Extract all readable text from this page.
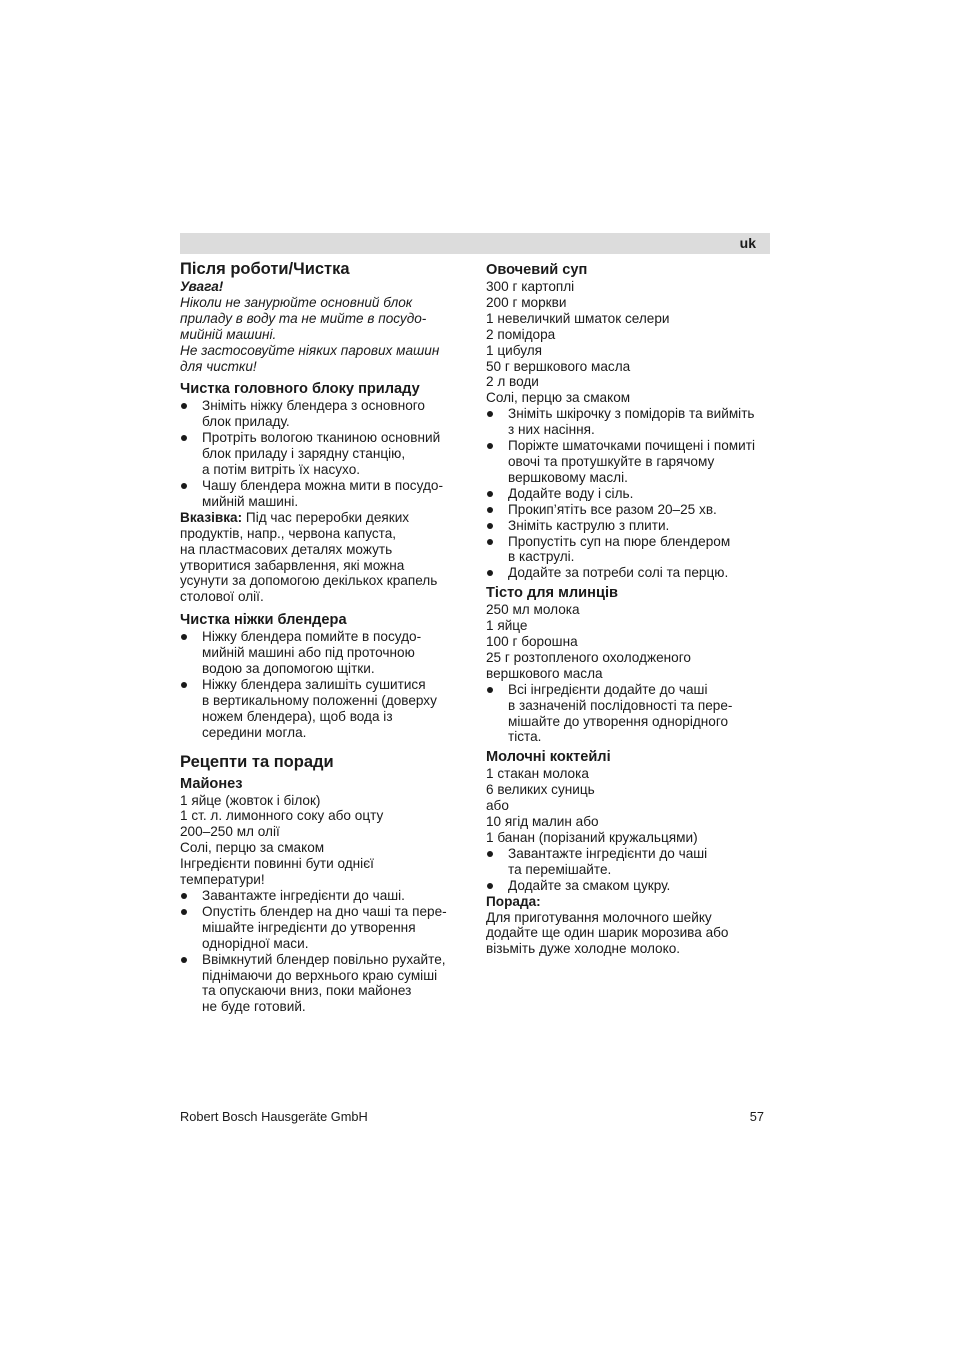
uk
Після роботи/Чистка
Увага!
Ніколи не занурюйте основний блок
приладу в воду та не мийте в посудо-
мийній машині.
Не застосовуйте ніяких парових машин
для чистки!
Чистка головного блоку приладу
Зніміть ніжку блендера з основного
блок приладу.
Протріть вологою тканиною основний
блок приладу і зарядну станцію,
а потім витріть їх насухо.
Чашу блендера можна мити в посудо-
мийній машині.
Вказівка: Під час переробки деяких
продуктів, напр., червона капуста,
на пластмасових деталях можуть
утворитися забарвлення, які можна
усунути за допомогою декількох крапель
столової олії.
Чистка ніжки блендера
Ніжку блендера помийте в посудо-
мийній машині або під проточною
водою за допомогою щітки.
Ніжку блендера залишіть сушитися
в вертикальному положенні (доверху
ножем блендера), щоб вода із
середини могла.
Рецепти та поради
Майонез
1 яйце (жовток і білок)
1 ст. л. лимонного соку або оцту
200–250 мл олії
Солі, перцю за смаком
Інгредієнти повинні бути однієї
температури!
Завантажте інгредієнти до чаші.
Опустіть блендер на дно чаші та пере-
мішайте інгредієнти до утворення
однорідної маси.
Ввімкнутий блендер повільно рухайте,
піднімаючи до верхнього краю суміші
та опускаючи вниз, поки майонез
не буде готовий.
Овочевий суп
300 г картоплі
200 г моркви
1 невеличкий шматок селери
2 помідора
1 цибуля
50 г вершкового масла
2 л води
Солі, перцю за смаком
Зніміть шкірочку з помідорів та вийміть
з них насіння.
Поріжте шматочками почищені і помиті
овочі та протушкуйте в гарячому
вершковому маслі.
Додайте воду і сіль.
Прокип’ятіть все разом 20–25 хв.
Зніміть каструлю з плити.
Пропустіть суп на пюре блендером
в каструлі.
Додайте за потреби солі та перцю.
Тісто для млинців
250 мл молока
1 яйце
100 г борошна
25 г розтопленого охолодженого
вершкового масла
Всі інгредієнти додайте до чаші
в зазначеній послідовності та пере-
мішайте до утворення однорідного
тіста.
Молочні коктейлі
1 стакан молока
6 великих суниць
або
10 ягід малин або
1 банан (порізаний кружальцями)
Завантажте інгредієнти до чаші
та перемішайте.
Додайте за смаком цукру.
Порада:
Для приготування молочного шейку
додайте ще один шарик морозива або
візьміть дуже холодне молоко.
Robert Bosch Hausgeräte GmbH	57
